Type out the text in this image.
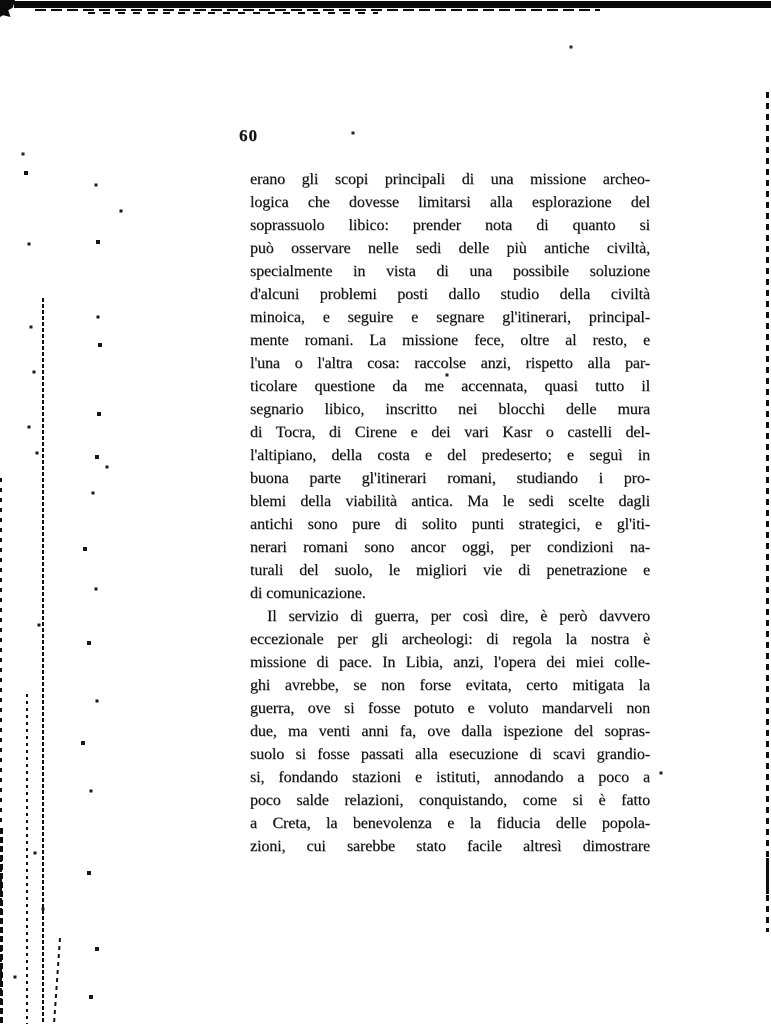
60
erano gli scopi principali di una missione archeo-
logica che dovesse limitarsi alla esplorazione del
soprassuolo libico: prender nota di quanto si
può osservare nelle sedi delle più antiche civiltà,
specialmente in vista di una possibile soluzione
d'alcuni problemi posti dallo studio della civiltà
minoica, e seguire e segnare gl'itinerari, principal-
mente romani. La missione fece, oltre al resto, e
l'una o l'altra cosa: raccolse anzi, rispetto alla par-
ticolare questione da me accennata, quasi tutto il
segnario libico, inscritto nei blocchi delle mura
di Tocra, di Cirene e dei vari Kasr o castelli del-
l'altipiano, della costa e del predeserto; e seguì in
buona parte gl'itinerari romani, studiando i pro-
blemi della viabilità antica. Ma le sedi scelte dagli
antichi sono pure di solito punti strategici, e gl'iti-
nerari romani sono ancor oggi, per condizioni na-
turali del suolo, le migliori vie di penetrazione e
di comunicazione.
Il servizio di guerra, per così dire, è però davvero
eccezionale per gli archeologi: di regola la nostra è
missione di pace. In Libia, anzi, l'opera dei miei colle-
ghi avrebbe, se non forse evitata, certo mitigata la
guerra, ove si fosse potuto e voluto mandarveli non
due, ma venti anni fa, ove dalla ispezione del sopras-
suolo si fosse passati alla esecuzione di scavi grandio-
si, fondando stazioni e istituti, annodando a poco a
poco salde relazioni, conquistando, come si è fatto
a Creta, la benevolenza e la fiducia delle popola-
zioni, cui sarebbe stato facile altresì dimostrare
